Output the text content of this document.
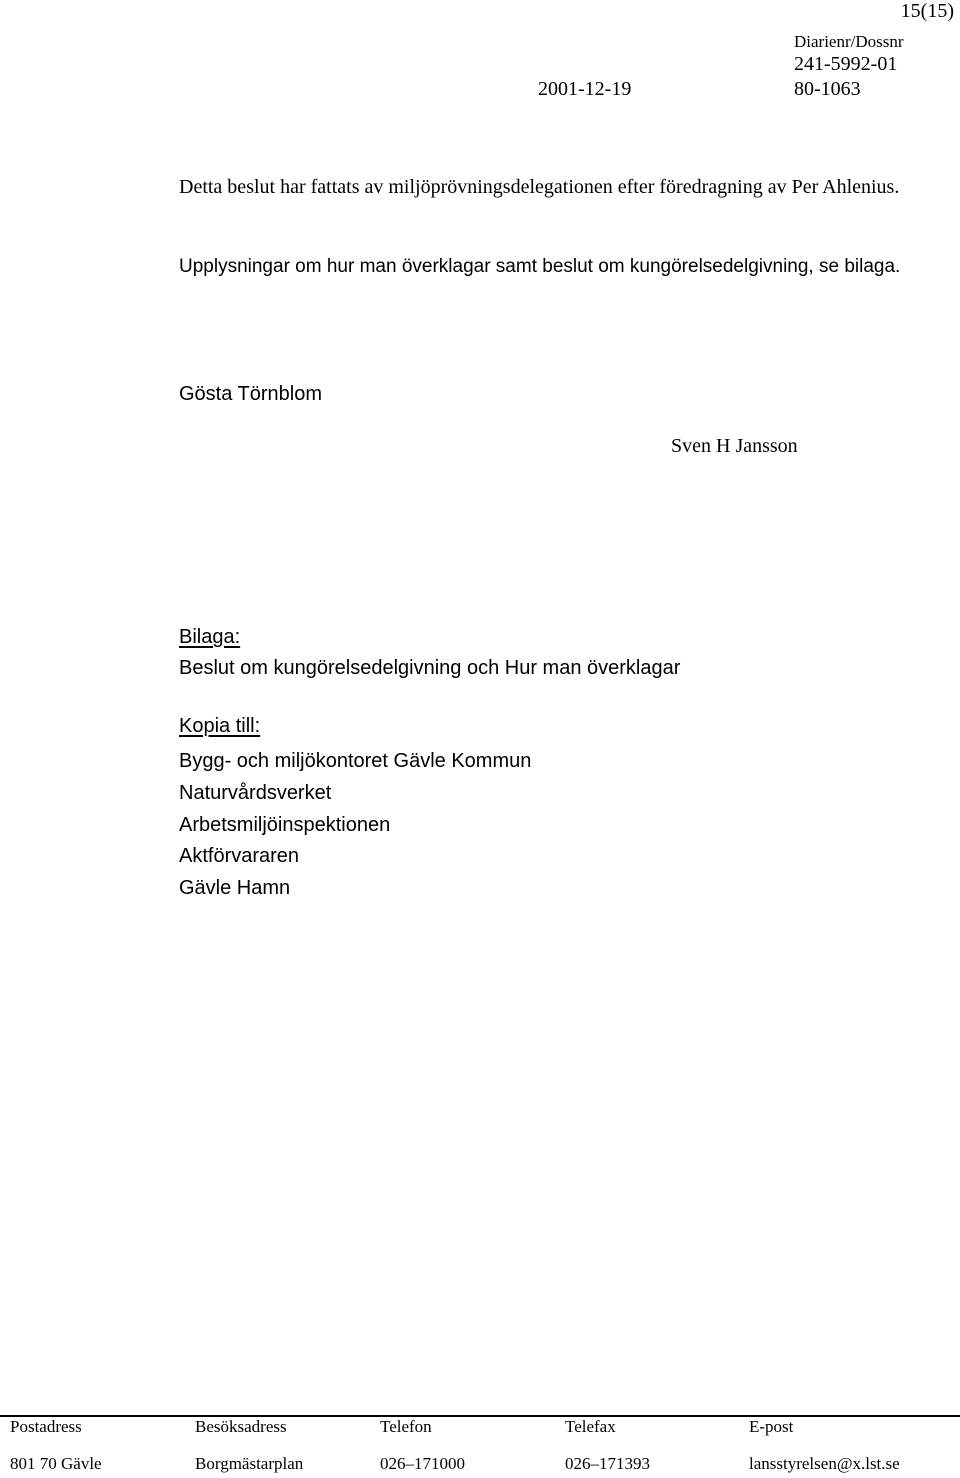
15(15)
Diarienr/Dossnr
241-5992-01
2001-12-19	80-1063
Detta beslut har fattats av miljöprövningsdelegationen efter föredragning av Per Ahlenius.
Upplysningar om hur man överklagar samt beslut om kungörelsedelgivning, se bilaga.
Gösta Törnblom
Sven H Jansson
Bilaga:
Beslut om kungörelsedelgivning och Hur man överklagar
Kopia till:
Bygg- och miljökontoret Gävle Kommun
Naturvårdsverket
Arbetsmiljöinspektionen
Aktförvararen
Gävle Hamn
Postadress	Besöksadress	Telefon	Telefax	E-post
801 70 Gävle	Borgmästarplan	026–171000	026–171393	lansstyrelsen@x.lst.se
